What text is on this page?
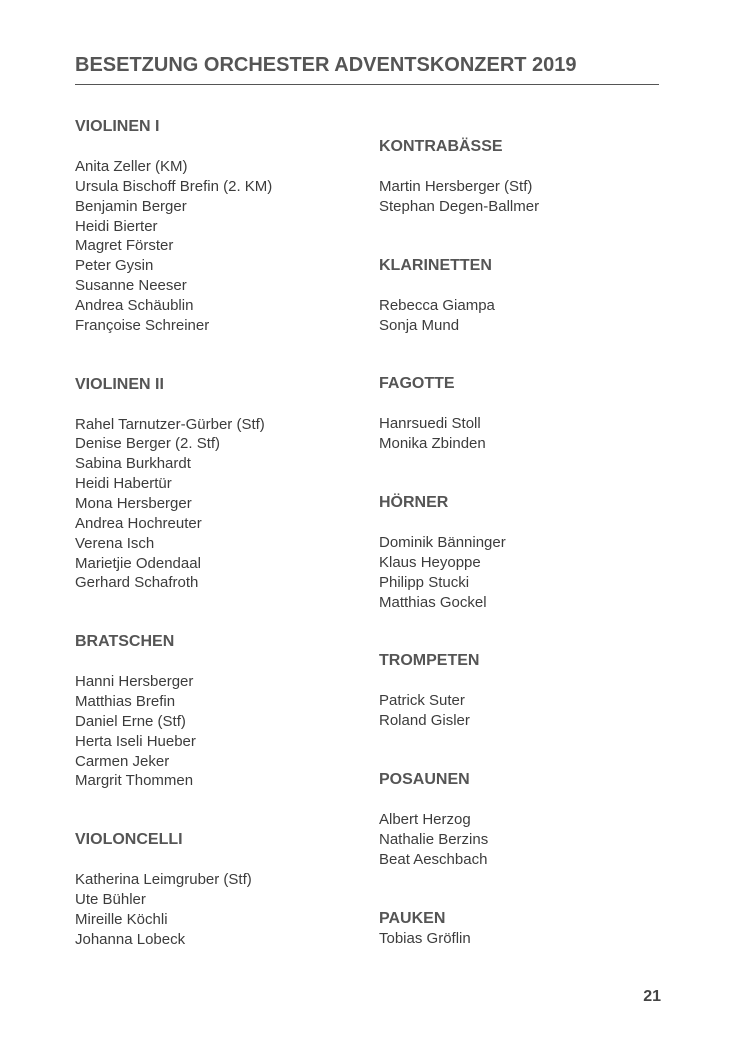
BESETZUNG ORCHESTER ADVENTSKONZERT 2019
VIOLINEN I
Anita Zeller (KM)
Ursula Bischoff Brefin (2. KM)
Benjamin Berger
Heidi Bierter
Magret Förster
Peter Gysin
Susanne Neeser
Andrea Schäublin
Françoise Schreiner
VIOLINEN II
Rahel Tarnutzer-Gürber (Stf)
Denise Berger (2. Stf)
Sabina Burkhardt
Heidi Habertür
Mona Hersberger
Andrea Hochreuter
Verena Isch
Marietjie Odendaal
Gerhard Schafroth
BRATSCHEN
Hanni Hersberger
Matthias Brefin
Daniel Erne (Stf)
Herta Iseli Hueber
Carmen Jeker
Margrit Thommen
VIOLONCELLI
Katherina Leimgruber (Stf)
Ute Bühler
Mireille Köchli
Johanna Lobeck
KONTRABÄSSE
Martin Hersberger (Stf)
Stephan Degen-Ballmer
KLARINETTEN
Rebecca Giampa
Sonja Mund
FAGOTTE
Hanrsuedi Stoll
Monika Zbinden
HÖRNER
Dominik Bänninger
Klaus Heyoppe
Philipp Stucki
Matthias Gockel
TROMPETEN
Patrick Suter
Roland Gisler
POSAUNEN
Albert Herzog
Nathalie Berzins
Beat Aeschbach
PAUKEN
Tobias Gröflin
21
